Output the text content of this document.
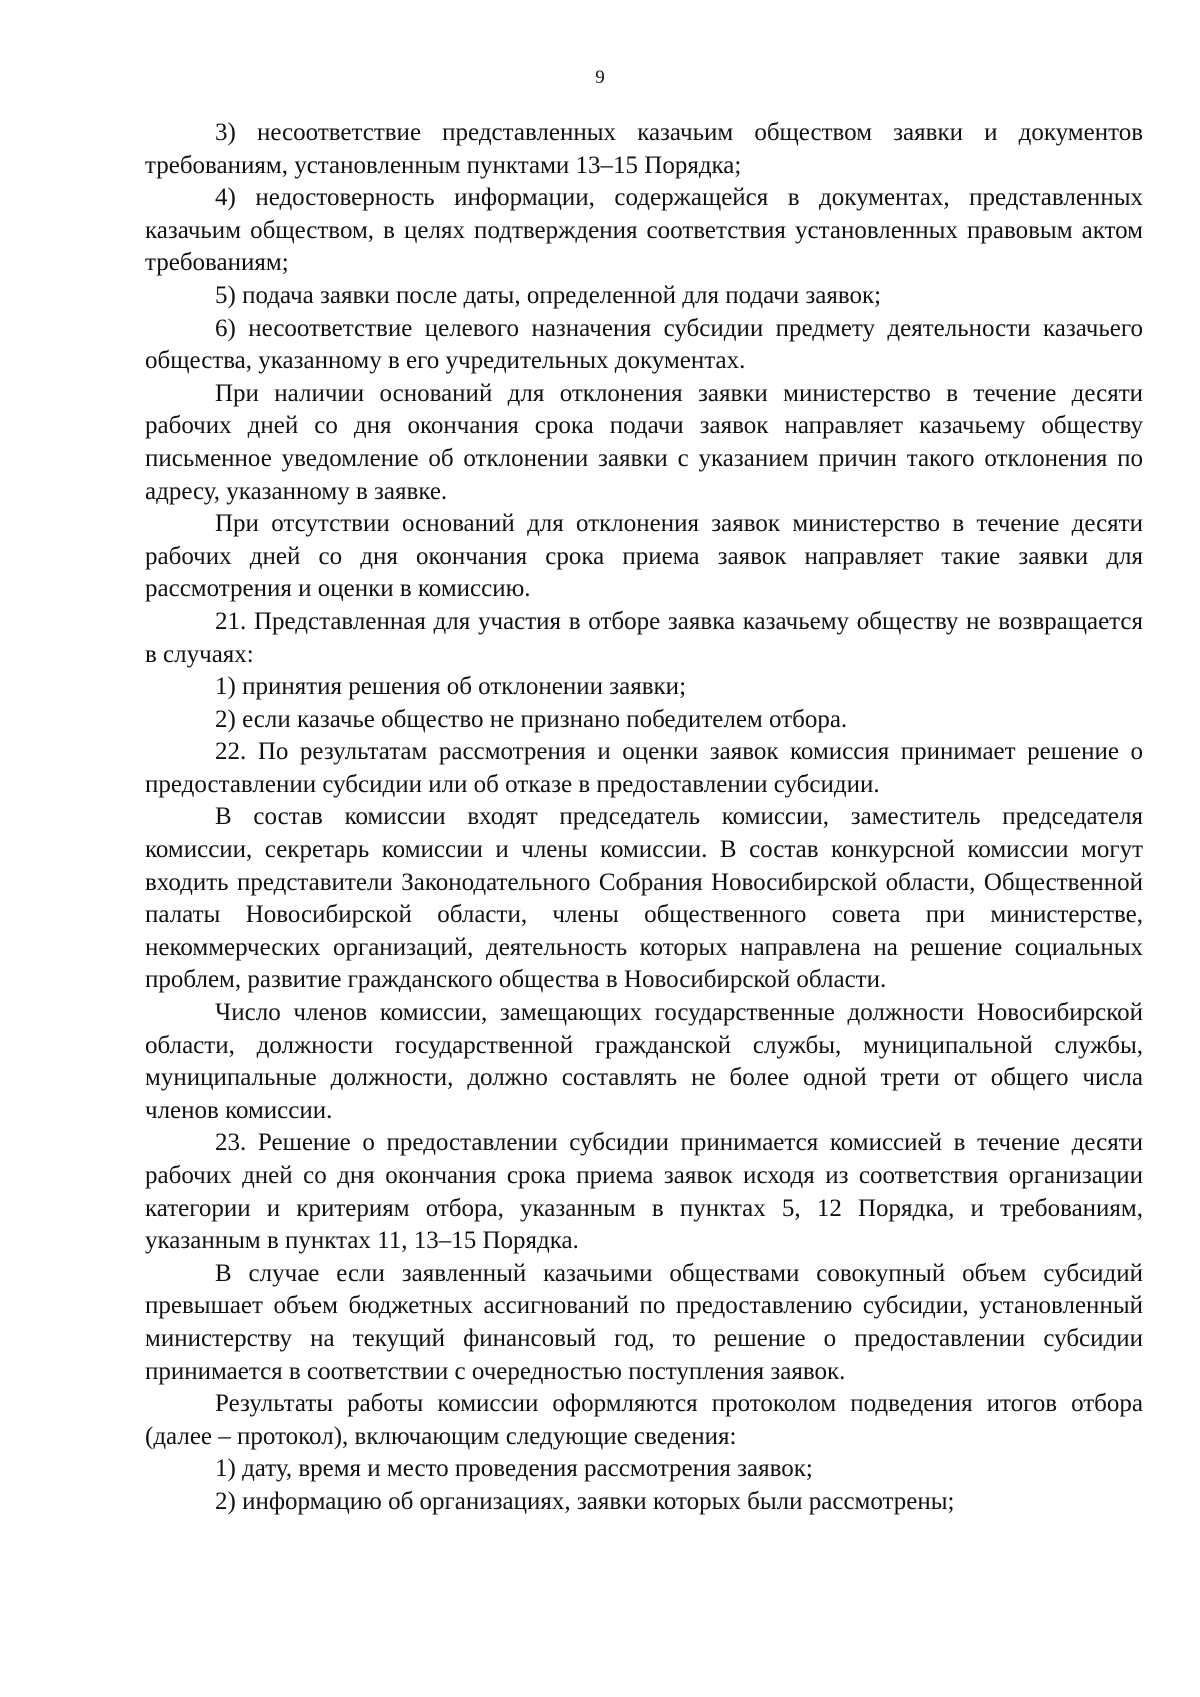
9

3) несоответствие представленных казачьим обществом заявки и документов требованиям, установленным пунктами 13–15 Порядка;

4) недостоверность информации, содержащейся в документах, представленных казачьим обществом, в целях подтверждения соответствия установленных правовым актом требованиям;

5) подача заявки после даты, определенной для подачи заявок;

6) несоответствие целевого назначения субсидии предмету деятельности казачьего общества, указанному в его учредительных документах.

При наличии оснований для отклонения заявки министерство в течение десяти рабочих дней со дня окончания срока подачи заявок направляет казачьему обществу письменное уведомление об отклонении заявки с указанием причин такого отклонения по адресу, указанному в заявке.

При отсутствии оснований для отклонения заявок министерство в течение десяти рабочих дней со дня окончания срока приема заявок направляет такие заявки для рассмотрения и оценки в комиссию.

21. Представленная для участия в отборе заявка казачьему обществу не возвращается в случаях:

1) принятия решения об отклонении заявки;

2) если казачье общество не признано победителем отбора.

22. По результатам рассмотрения и оценки заявок комиссия принимает решение о предоставлении субсидии или об отказе в предоставлении субсидии.

В состав комиссии входят председатель комиссии, заместитель председателя комиссии, секретарь комиссии и члены комиссии. В состав конкурсной комиссии могут входить представители Законодательного Собрания Новосибирской области, Общественной палаты Новосибирской области, члены общественного совета при министерстве, некоммерческих организаций, деятельность которых направлена на решение социальных проблем, развитие гражданского общества в Новосибирской области.

Число членов комиссии, замещающих государственные должности Новосибирской области, должности государственной гражданской службы, муниципальной службы, муниципальные должности, должно составлять не более одной трети от общего числа членов комиссии.

23. Решение о предоставлении субсидии принимается комиссией в течение десяти рабочих дней со дня окончания срока приема заявок исходя из соответствия организации категории и критериям отбора, указанным в пунктах 5, 12 Порядка, и требованиям, указанным в пунктах 11, 13–15 Порядка.

В случае если заявленный казачьими обществами совокупный объем субсидий превышает объем бюджетных ассигнований по предоставлению субсидии, установленный министерству на текущий финансовый год, то решение о предоставлении субсидии принимается в соответствии с очередностью поступления заявок.

Результаты работы комиссии оформляются протоколом подведения итогов отбора (далее – протокол), включающим следующие сведения:

1) дату, время и место проведения рассмотрения заявок;

2) информацию об организациях, заявки которых были рассмотрены;
